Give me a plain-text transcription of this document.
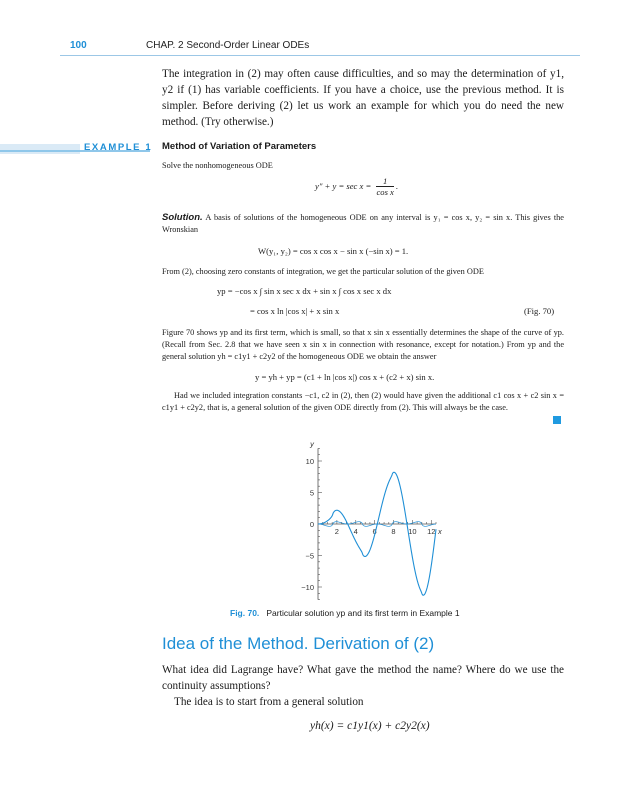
100	CHAP. 2 Second-Order Linear ODEs
The integration in (2) may often cause difficulties, and so may the determination of y1, y2 if (1) has variable coefficients. If you have a choice, use the previous method. It is simpler. Before deriving (2) let us work an example for which you do need the new method. (Try otherwise.)
EXAMPLE 1 Method of Variation of Parameters
Solve the nonhomogeneous ODE
$y'' + y = \sec x = \frac{1}{\text{cos x}}$ .
Solution. A basis of solutions of the homogeneous ODE on any interval is y₁ = cos x, y₂ = sin x. This gives the Wronskian
W(y₁, y₂) = cos x cos x − sin x (−sin x) = 1.
From (2), choosing zero constants of integration, we get the particular solution of the given ODE
yp = −cos x ∫ sin x sec x dx + sin x ∫ cos x sec x dx
= cos x ln |cos x| + x sin x	(Fig. 70)
Figure 70 shows yp and its first term, which is small, so that x sin x essentially determines the shape of the curve of yp. (Recall from Sec. 2.8 that we have seen x sin x in connection with resonance, except for notation.) From yp and the general solution yh = c1y1 + c2y2 of the homogeneous ODE we obtain the answer
y = yh + yp = (c1 + ln |cos x|) cos x + (c2 + x) sin x.
Had we included integration constants −c1, c2 in (2), then (2) would have given the additional c1 cos x + c2 sin x = c1y1 + c2y2, that is, a general solution of the given ODE directly from (2). This will always be the case.
10
5
0
−5
−10
2 4 6 8 10 12
y
x
Fig. 70. Particular solution yp and its first term in Example 1
Idea of the Method. Derivation of (2)
What idea did Lagrange have? What gave the method the name? Where do we use the continuity assumptions?
The idea is to start from a general solution
yh(x) = c1y1(x) + c2y2(x)
